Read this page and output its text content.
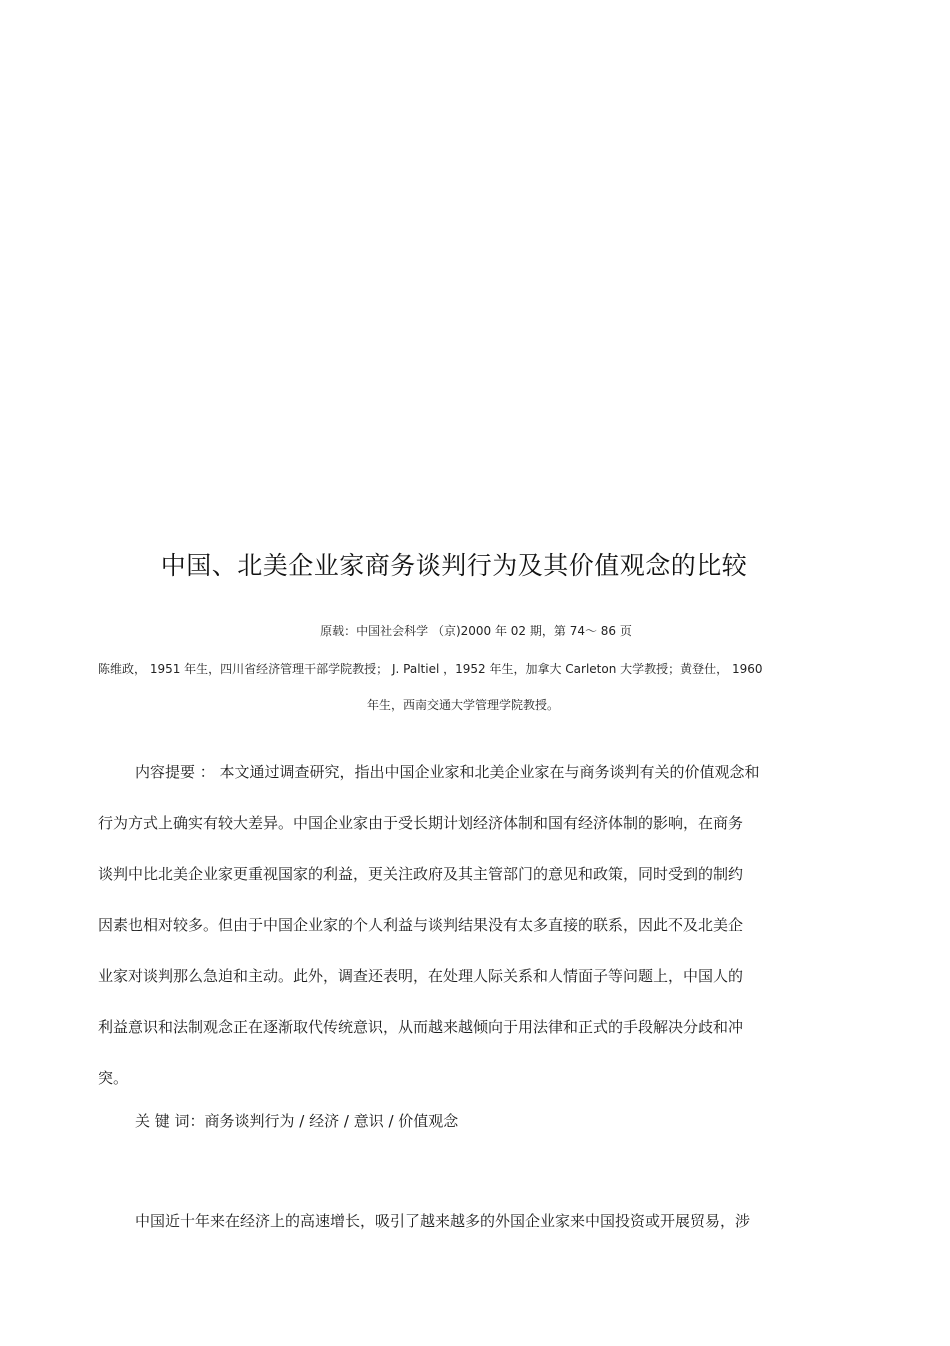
中国、北美企业家商务谈判行为及其价值观念的比较
原载：中国社会科学 （京)2000 年 02 期，第 74～ 86 页
陈维政， 1951 年生，四川省经济管理干部学院教授； J. Paltiel ，1952 年生，加拿大 Carleton 大学教授；黄登仕， 1960
年生，西南交通大学管理学院教授。
内容提要 ： 本文通过调查研究，指出中国企业家和北美企业家在与商务谈判有关的价值观念和
行为方式上确实有较大差异。中国企业家由于受长期计划经济体制和国有经济体制的影响，在商务
谈判中比北美企业家更重视国家的利益，更关注政府及其主管部门的意见和政策，同时受到的制约
因素也相对较多。但由于中国企业家的个人利益与谈判结果没有太多直接的联系，因此不及北美企
业家对谈判那么急迫和主动。此外，调查还表明，在处理人际关系和人情面子等问题上，中国人的
利益意识和法制观念正在逐渐取代传统意识，从而越来越倾向于用法律和正式的手段解决分歧和冲
突。
关 键 词：商务谈判行为 / 经济 / 意识 / 价值观念
中国近十年来在经济上的高速增长，吸引了越来越多的外国企业家来中国投资或开展贸易，涉
